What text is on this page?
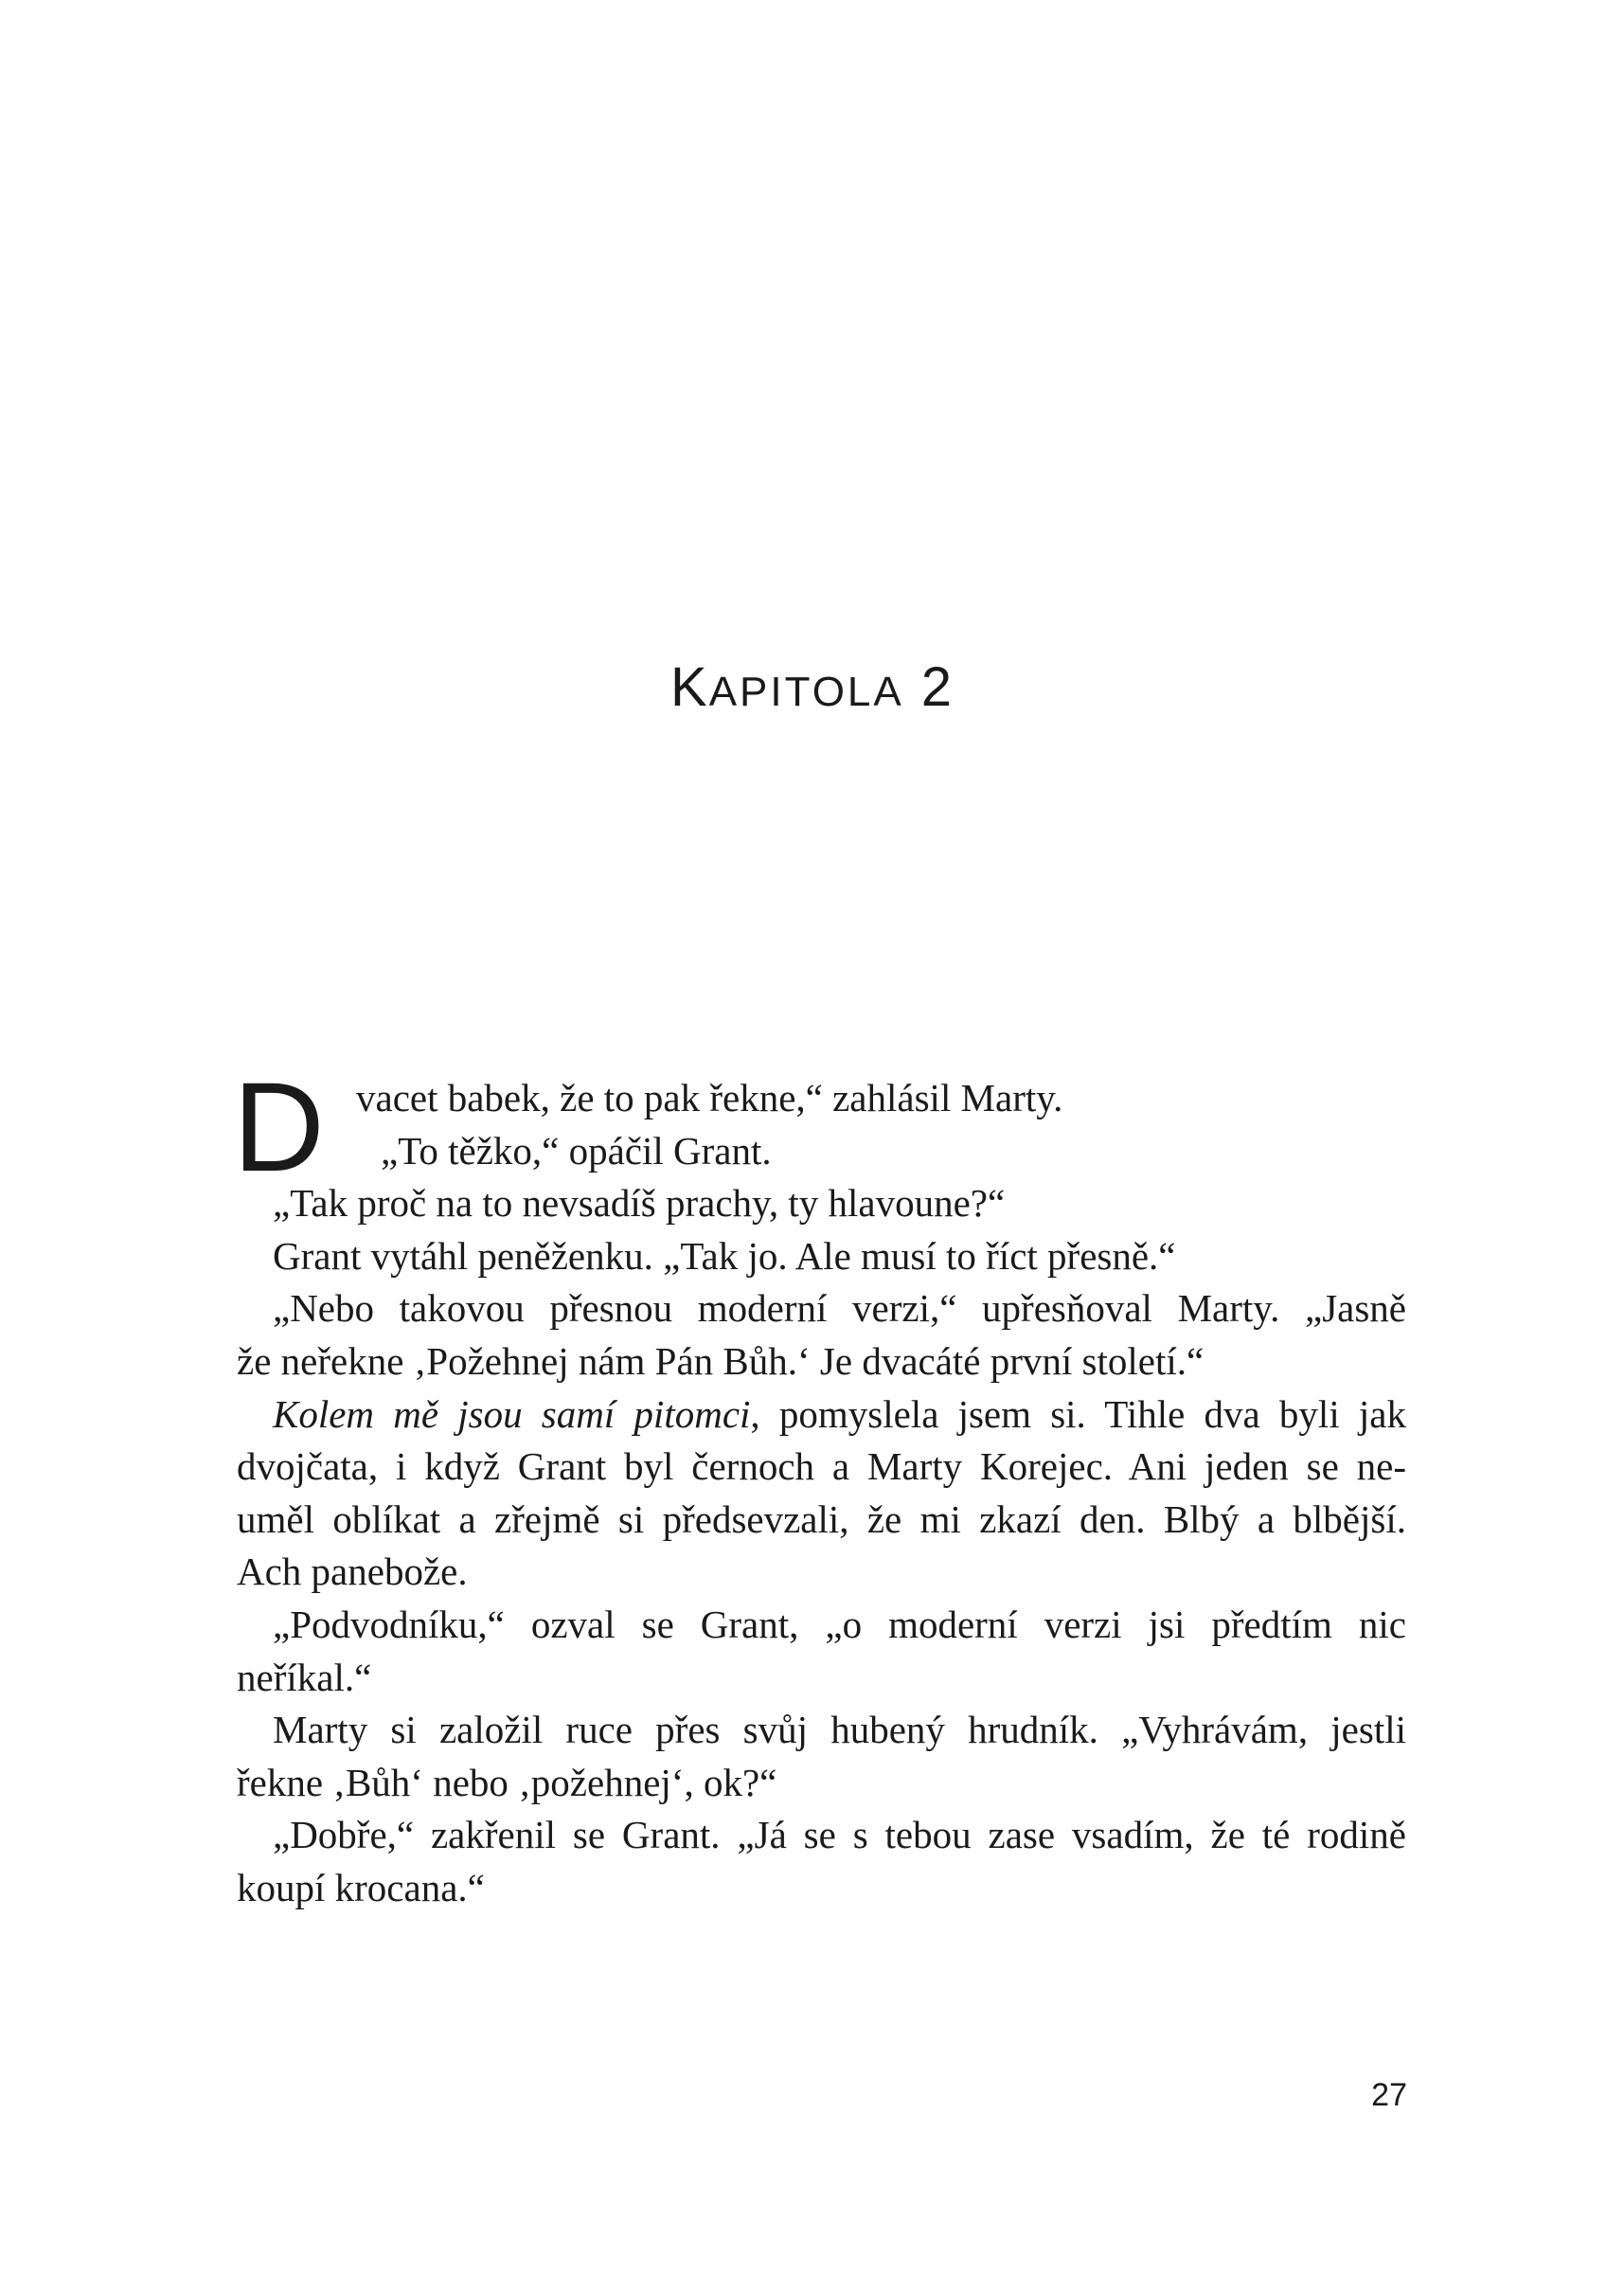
KAPITOLA 2
D vacet babek, že to pak řekne,“ zahlásil Marty.
„To těžko,“ opáčil Grant.
„Tak proč na to nevsadíš prachy, ty hlavoune?“
Grant vytáhl peněženku. „Tak jo. Ale musí to říct přesně.“
„Nebo takovou přesnou moderní verzi,“ upřesňoval Marty. „Jasně
že neřekne ‚Požehnej nám Pán Bůh.‘ Je dvacáté první století.“
Kolem mě jsou samí pitomci, pomyslela jsem si. Tihle dva byli jak
dvojčata, i když Grant byl černoch a Marty Korejec. Ani jeden se ne-
uměl oblíkat a zřejmě si předsevzali, že mi zkazí den. Blbý a blbější.
Ach panebože.
„Podvodníku,“ ozval se Grant, „o moderní verzi jsi předtím nic
neříkal.“
Marty si založil ruce přes svůj hubený hrudník. „Vyhrávám, jestli
řekne ‚Bůh‘ nebo ‚požehnej‘, ok?“
„Dobře,“ zakřenil se Grant. „Já se s tebou zase vsadím, že té rodině
koupí krocana.“
27
